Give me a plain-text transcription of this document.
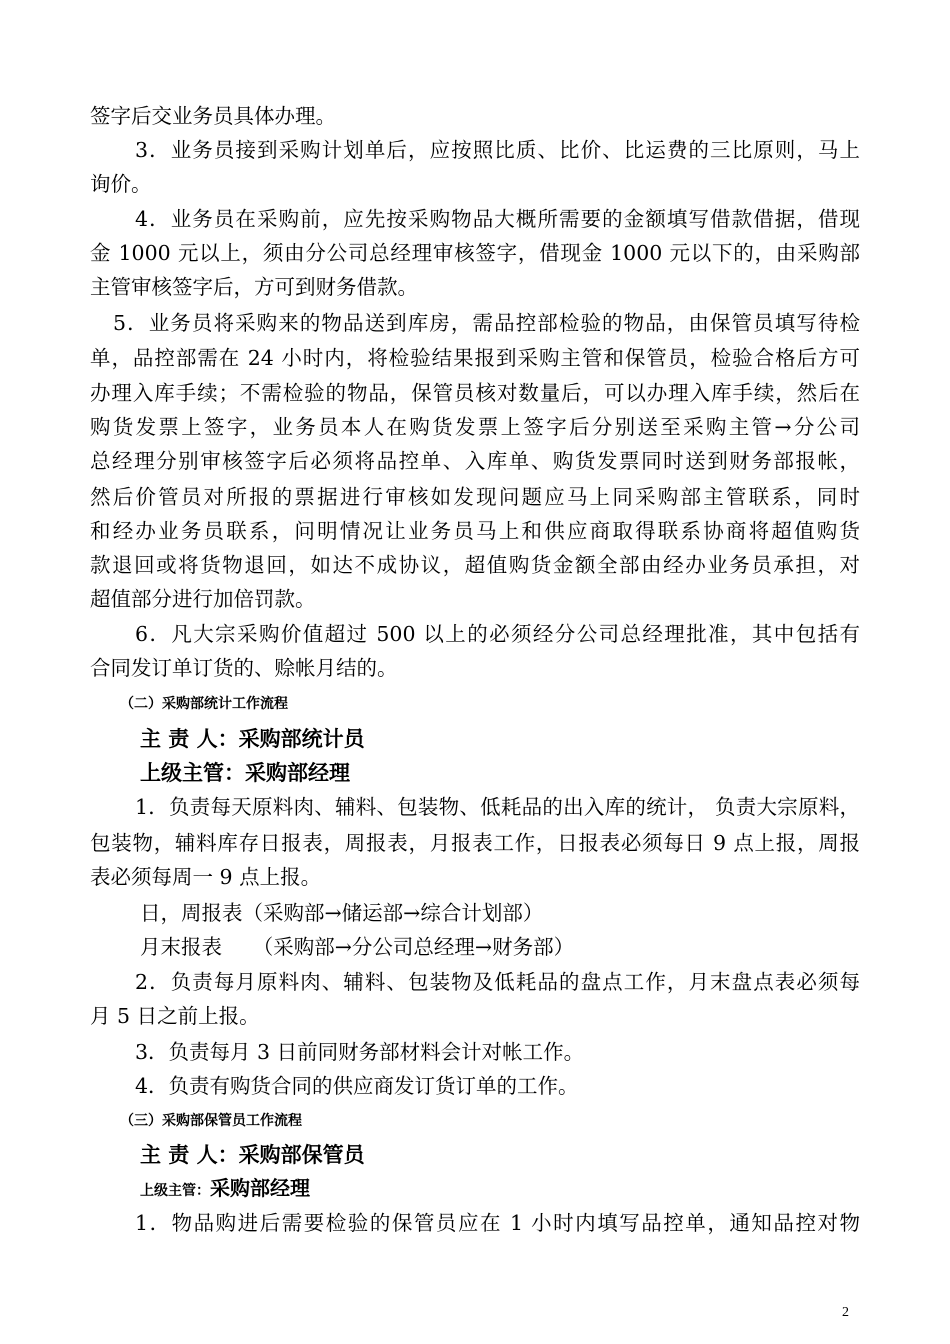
签字后交业务员具体办理。
3．业务员接到采购计划单后，应按照比质、比价、比运费的三比原则，马上
询价。
4．业务员在采购前，应先按采购物品大概所需要的金额填写借款借据，借现
金 1000 元以上，须由分公司总经理审核签字，借现金 1000 元以下的，由采购部
主管审核签字后，方可到财务借款。
5．业务员将采购来的物品送到库房，需品控部检验的物品，由保管员填写待检
单，品控部需在 24 小时内，将检验结果报到采购主管和保管员，检验合格后方可
办理入库手续；不需检验的物品，保管员核对数量后，可以办理入库手续，然后在
购货发票上签字，业务员本人在购货发票上签字后分别送至采购主管→分公司
总经理分别审核签字后必须将品控单、入库单、购货发票同时送到财务部报帐，
然后价管员对所报的票据进行审核如发现问题应马上同采购部主管联系，同时
和经办业务员联系，问明情况让业务员马上和供应商取得联系协商将超值购货
款退回或将货物退回，如达不成协议，超值购货金额全部由经办业务员承担，对
超值部分进行加倍罚款。
6．凡大宗采购价值超过 500 以上的必须经分公司总经理批准，其中包括有
合同发订单订货的、赊帐月结的。
（二）采购部统计工作流程
主 责 人：采购部统计员
上级主管：采购部经理
1．负责每天原料肉、辅料、包装物、低耗品的出入库的统计， 负责大宗原料，
包装物，辅料库存日报表，周报表，月报表工作，日报表必须每日 9 点上报，周报
表必须每周一 9 点上报。
日，周报表（采购部→储运部→综合计划部）
月末报表　　（采购部→分公司总经理→财务部）
2．负责每月原料肉、辅料、包装物及低耗品的盘点工作，月末盘点表必须每
月 5 日之前上报。
3．负责每月 3 日前同财务部材料会计对帐工作。
4．负责有购货合同的供应商发订货订单的工作。
（三）采购部保管员工作流程
主 责 人：采购部保管员
上级主管：采购部经理
1．物品购进后需要检验的保管员应在 1 小时内填写品控单，通知品控对物
2
